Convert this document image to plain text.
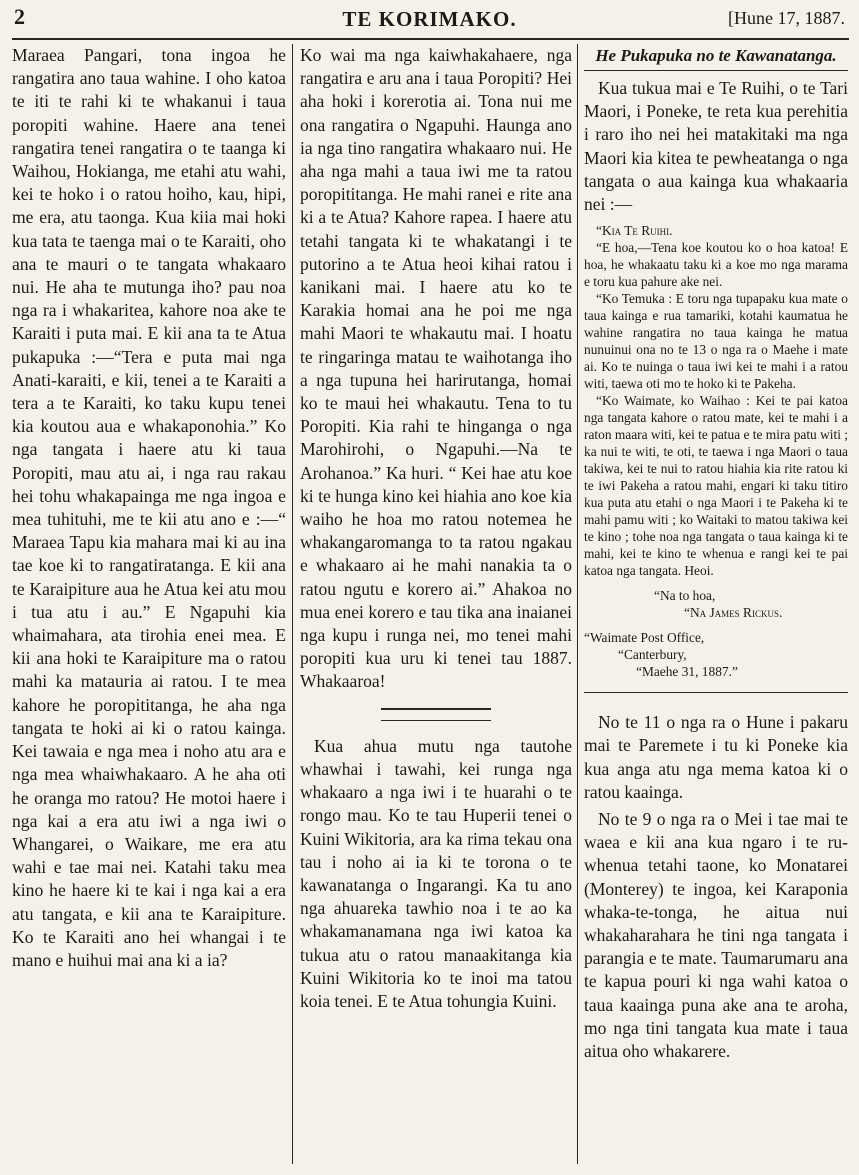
2	TE KORIMAKO.	[Hune 17, 1887.

Maraea Pangari, tona ingoa he rangatira ano taua wahine. I oho katoa te iti te rahi ki te whakanui i taua poropiti wahine. Haere ana tenei rangatira tenei rangatira o te taanga ki Waihou, Hokianga, me etahi atu wahi, kei te hoko i o ratou hoiho, kau, hipi, me era, atu taonga. Kua kiia mai hoki kua tata te taenga mai o te Karaiti, oho ana te mauri o te tangata whakaaro nui. He aha te mutunga iho? pau noa nga ra i whakaritea, kahore noa ake te Karaiti i puta mai. E kii ana ta te Atua pukapuka :—“Tera e puta mai nga Anati-karaiti, e kii, tenei a te Karaiti a tera a te Karaiti, ko taku kupu tenei kia koutou aua e whakaponohia.” Ko nga tangata i haere atu ki taua Poropiti, mau atu ai, i nga rau rakau hei tohu whakapainga me nga ingoa e mea tuhituhi, me te kii atu ano e :—“ Maraea Tapu kia mahara mai ki au ina tae koe ki to rangatiratanga. E kii ana te Karaipiture aua he Atua kei atu mou i tua atu i au.” E Ngapuhi kia whaimahara, ata tirohia enei mea. E kii ana hoki te Karaipiture ma o ratou mahi ka matauria ai ratou. I te mea kahore he poropititanga, he aha nga tangata te hoki ai ki o ratou kainga. Kei tawaia e nga mea i noho atu ara e nga mea whaiwhakaaro. A he aha oti he oranga mo ratou? He motoi haere i nga kai a era atu iwi a nga iwi o Whangarei, o Waikare, me era atu wahi e tae mai nei. Katahi taku mea kino he haere ki te kai i nga kai a era atu tangata, e kii ana te Karaipiture. Ko te Karaiti ano hei whangai i te mano e huihui mai ana ki a ia?

Ko wai ma nga kaiwhakahaere, nga rangatira e aru ana i taua Poropiti? Hei aha hoki i korerotia ai. Tona nui me ona rangatira o Ngapuhi. Haunga ano ia nga tino rangatira whakaaro nui. He aha nga mahi a taua iwi me ta ratou poropititanga. He mahi ranei e rite ana ki a te Atua? Kahore rapea. I haere atu tetahi tangata ki te whakatangi i te putorino a te Atua heoi kihai ratou i kanikani mai. I haere atu ko te Karakia homai ana he poi me nga mahi Maori te whakautu mai. I hoatu te ringaringa matau te waihotanga iho a nga tupuna hei harirutanga, homai ko te maui hei whakautu. Tena to tu Poropiti. Kia rahi te hinganga o nga Marohirohi, o Ngapuhi.—Na te Arohanoa.” Ka huri. “ Kei hae atu koe ki te hunga kino kei hiahia ano koe kia waiho he hoa mo ratou notemea he whakangaromanga to ta ratou ngakau e whakaaro ai he mahi nanakia ta o ratou ngutu e korero ai.” Ahakoa no mua enei korero e tau tika ana inaianei nga kupu i runga nei, mo tenei mahi poropiti kua uru ki tenei tau 1887. Whakaaroa!

Kua ahua mutu nga tautohe whawhai i tawahi, kei runga nga whakaaro a nga iwi i te huarahi o te rongo mau. Ko te tau Huperii tenei o Kuini Wikitoria, ara ka rima tekau ona tau i noho ai ia ki te torona o te kawanatanga o Ingarangi. Ka tu ano nga ahuareka tawhio noa i te ao ka whakamanamana nga iwi katoa ka tukua atu o ratou manaakitanga kia Kuini Wikitoria ko te inoi ma tatou koia tenei. E te Atua tohungia Kuini.

He Pukapuka no te Kawanatanga.

Kua tukua mai e Te Ruihi, o te Tari Maori, i Poneke, te reta kua perehitia i raro iho nei hei matakitaki ma nga Maori kia kitea te pewheatanga o nga tangata o aua kainga kua whakaaria nei :—

“Kia Te Ruihi.

“E hoa,—Tena koe koutou ko o hoa katoa! E hoa, he whakaatu taku ki a koe mo nga marama e toru kua pahure ake nei.

“Ko Temuka : E toru nga tupapaku kua mate o taua kainga e rua tamariki, kotahi kaumatua he wahine rangatira no taua kainga he matua nunuinui ona no te 13 o nga ra o Maehe i mate ai. Ko te nuinga o taua iwi kei te mahi i a ratou witi, taewa oti mo te hoko ki te Pakeha.

“Ko Waimate, ko Waihao : Kei te pai katoa nga tangata kahore o ratou mate, kei te mahi i a raton maara witi, kei te patua e te mira patu witi ; ka nui te witi, te oti, te taewa i nga Maori o taua takiwa, kei te nui to ratou hiahia kia rite ratou ki te iwi Pakeha a ratou mahi, engari ki taku titiro kua puta atu etahi o nga Maori i te Pakeha ki te mahi pamu witi ; ko Waitaki to matou takiwa kei te kino ; tohe noa nga tangata o taua kainga ki te mahi, kei te kino te whenua e rangi kei te pai katoa nga tangata. Heoi.

“Na to hoa,

“Na James Rickus.

“Waimate Post Office,

“Canterbury,

“Maehe 31, 1887.”

No te 11 o nga ra o Hune i pakaru mai te Paremete i tu ki Poneke kia kua anga atu nga mema katoa ki o ratou kaainga.

No te 9 o nga ra o Mei i tae mai te waea e kii ana kua ngaro i te ru-whenua tetahi taone, ko Monatarei (Monterey) te ingoa, kei Karaponia whaka-te-tonga, he aitua nui whakaharahara he tini nga tangata i parangia e te mate. Taumarumaru ana te kapua pouri ki nga wahi katoa o taua kaainga puna ake ana te aroha, mo nga tini tangata kua mate i taua aitua oho whakarere.
